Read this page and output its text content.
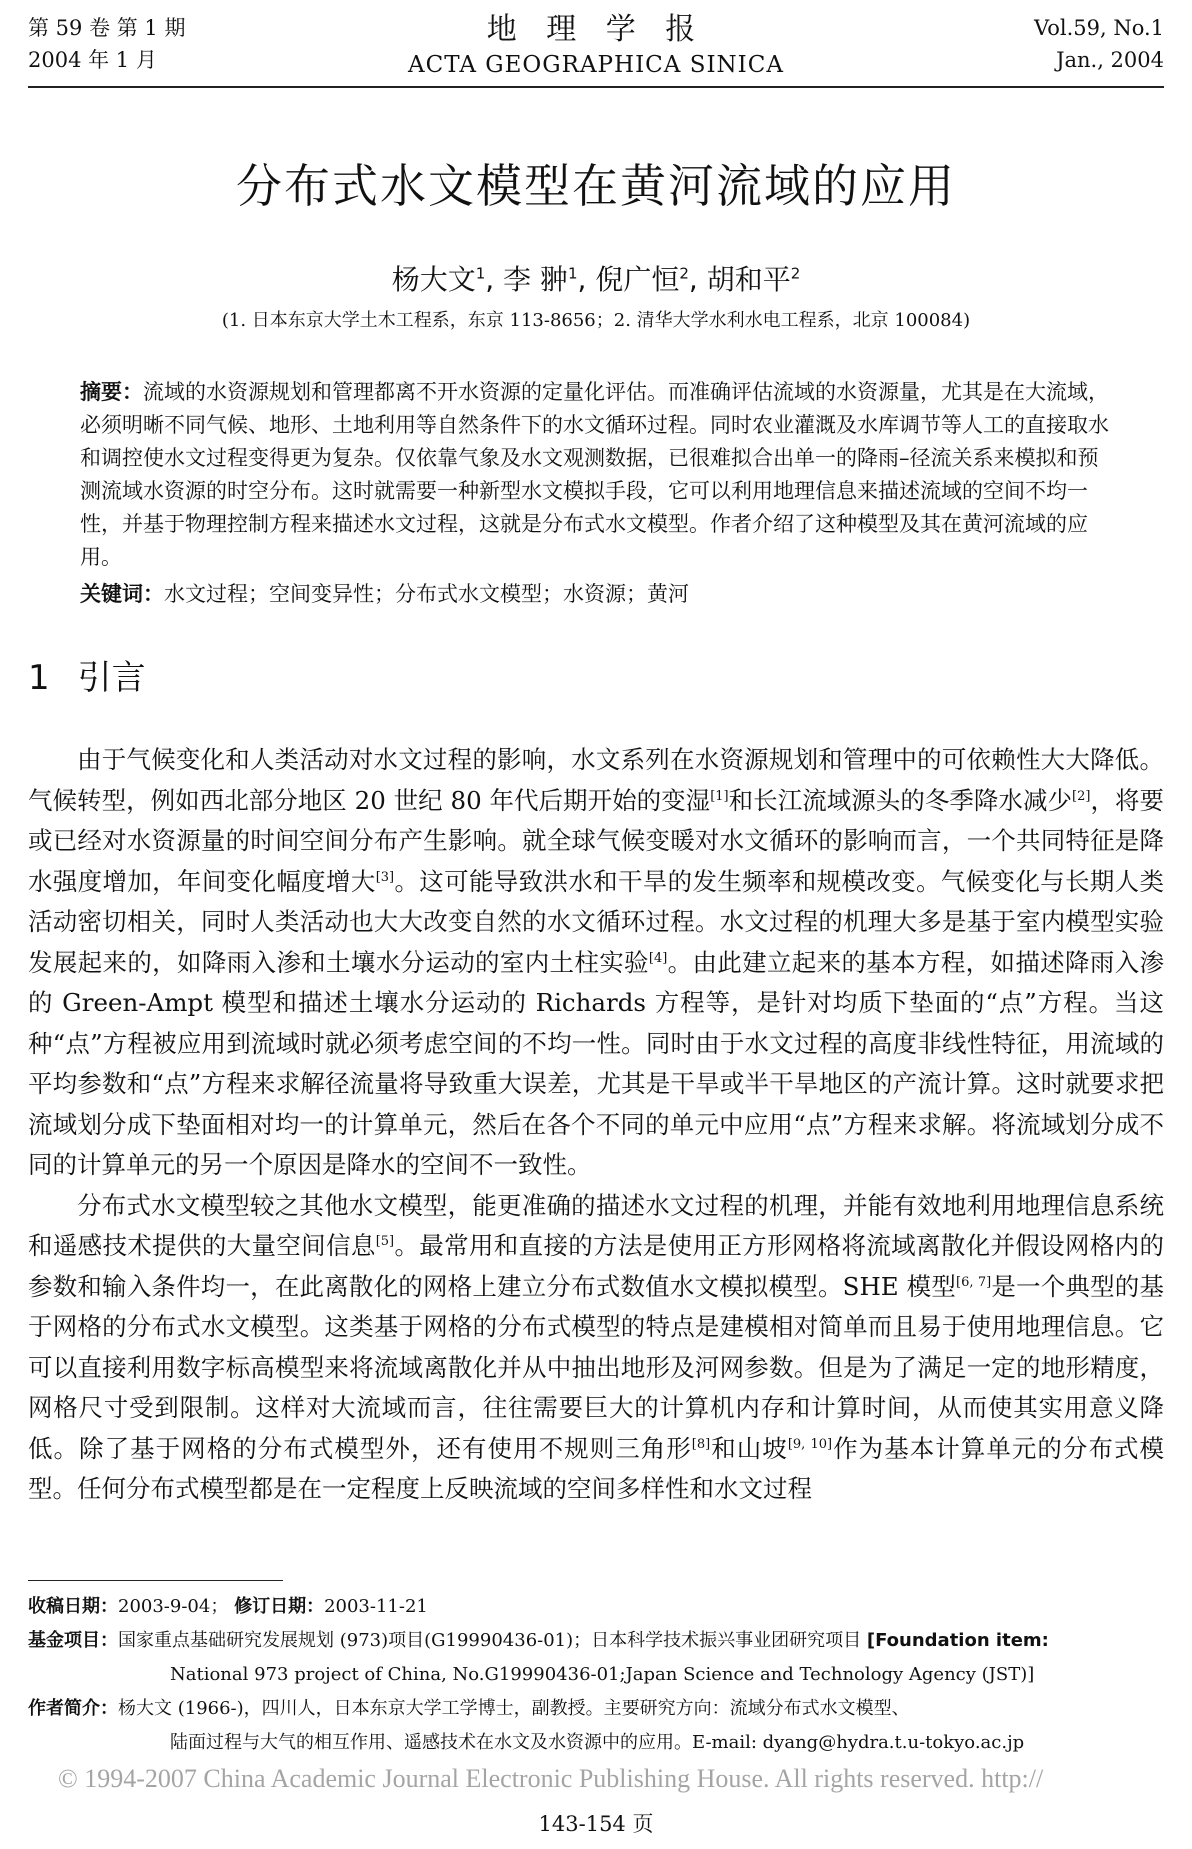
第 59 卷 第 1 期
2004 年 1 月
地 理 学 报
ACTA GEOGRAPHICA SINICA
Vol.59, No.1
Jan., 2004
分布式水文模型在黄河流域的应用
杨大文$^1$, 李 翀$^1$, 倪广恒$^2$, 胡和平$^2$
(1. 日本东京大学土木工程系，东京 113-8656；2. 清华大学水利水电工程系，北京 100084)
摘要：流域的水资源规划和管理都离不开水资源的定量化评估。而准确评估流域的水资源量，尤其是在大流域，必须明晰不同气候、地形、土地利用等自然条件下的水文循环过程。同时农业灌溉及水库调节等人工的直接取水和调控使水文过程变得更为复杂。仅依靠气象及水文观测数据，已很难拟合出单一的降雨–径流关系来模拟和预测流域水资源的时空分布。这时就需要一种新型水文模拟手段，它可以利用地理信息来描述流域的空间不均一性，并基于物理控制方程来描述水文过程，这就是分布式水文模型。作者介绍了这种模型及其在黄河流域的应用。
关键词：水文过程；空间变异性；分布式水文模型；水资源；黄河
1 引言

由于气候变化和人类活动对水文过程的影响，水文系列在水资源规划和管理中的可依赖性大大降低。气候转型，例如西北部分地区 20 世纪 80 年代后期开始的变湿[1]和长江流域源头的冬季降水减少[2]，将要或已经对水资源量的时间空间分布产生影响。就全球气候变暖对水文循环的影响而言，一个共同特征是降水强度增加，年间变化幅度增大[3]。这可能导致洪水和干旱的发生频率和规模改变。气候变化与长期人类活动密切相关，同时人类活动也大大改变自然的水文循环过程。水文过程的机理大多是基于室内模型实验发展起来的，如降雨入渗和土壤水分运动的室内土柱实验[4]。由此建立起来的基本方程，如描述降雨入渗的 Green-Ampt 模型和描述土壤水分运动的 Richards 方程等，是针对均质下垫面的“点”方程。当这种“点”方程被应用到流域时就必须考虑空间的不均一性。同时由于水文过程的高度非线性特征，用流域的平均参数和“点”方程来求解径流量将导致重大误差，尤其是干旱或半干旱地区的产流计算。这时就要求把流域划分成下垫面相对均一的计算单元，然后在各个不同的单元中应用“点”方程来求解。将流域划分成不同的计算单元的另一个原因是降水的空间不一致性。

分布式水文模型较之其他水文模型，能更准确的描述水文过程的机理，并能有效地利用地理信息系统和遥感技术提供的大量空间信息[5]。最常用和直接的方法是使用正方形网格将流域离散化并假设网格内的参数和输入条件均一，在此离散化的网格上建立分布式数值水文模拟模型。SHE 模型[6, 7]是一个典型的基于网格的分布式水文模型。这类基于网格的分布式模型的特点是建模相对简单而且易于使用地理信息。它可以直接利用数字标高模型来将流域离散化并从中抽出地形及河网参数。但是为了满足一定的地形精度，网格尺寸受到限制。这样对大流域而言，往往需要巨大的计算机内存和计算时间，从而使其实用意义降低。除了基于网格的分布式模型外，还有使用不规则三角形[8]和山坡[9, 10]作为基本计算单元的分布式模型。任何分布式模型都是在一定程度上反映流域的空间多样性和水文过程

收稿日期：2003-9-04； 修订日期：2003-11-21
基金项目：国家重点基础研究发展规划 (973)项目(G19990436-01)；日本科学技术振兴事业团研究项目 [Foundation item:
National 973 project of China, No.G19990436-01;Japan Science and Technology Agency (JST)]
作者简介：杨大文 (1966-)，四川人，日本东京大学工学博士，副教授。主要研究方向：流域分布式水文模型、
陆面过程与大气的相互作用、遥感技术在水文及水资源中的应用。E-mail: dyang@hydra.t.u-tokyo.ac.jp
© 1994-2007 China Academic Journal Electronic Publishing House. All rights reserved. http://
143-154 页
